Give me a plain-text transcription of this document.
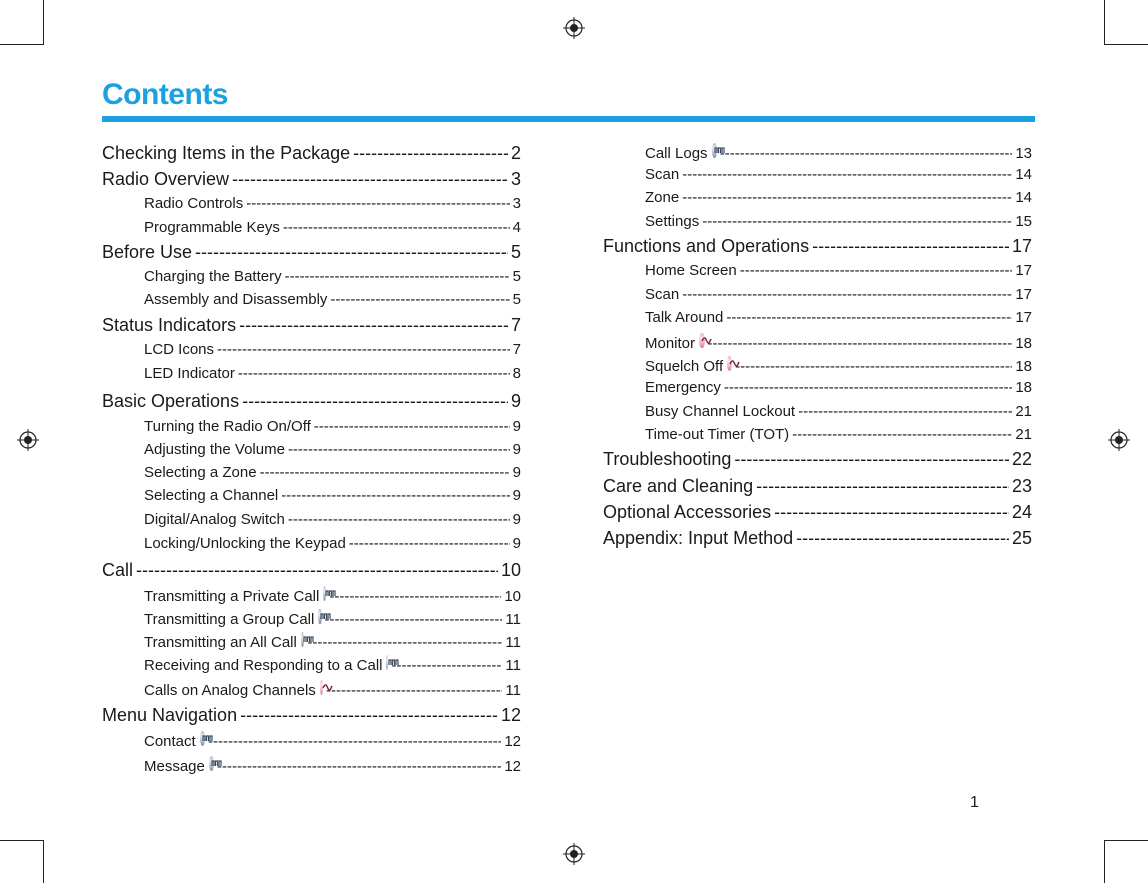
Contents
Checking Items in the Package -----	2
Radio Overview -----	3
Radio Controls -----	3
Programmable Keys -----	4
Before Use -----	5
Charging the Battery -----	5
Assembly and Disassembly -----	5
Status Indicators -----	7
LCD Icons -----	7
LED Indicator -----	8
Basic Operations -----	9
Turning the Radio On/Off -----	9
Adjusting the Volume -----	9
Selecting a Zone -----	9
Selecting a Channel -----	9
Digital/Analog Switch -----	9
Locking/Unlocking the Keypad -----	9
Call -----	10
Transmitting a Private Call -----	10
Transmitting a Group Call -----	11
Transmitting an All Call -----	11
Receiving and Responding to a Call -----	11
Calls on Analog Channels -----	11
Menu Navigation -----	12
Contact -----	12
Message -----	12
Call Logs -----	13
Scan -----	14
Zone -----	14
Settings -----	15
Functions and Operations -----	17
Home Screen -----	17
Scan -----	17
Talk Around -----	17
Monitor -----	18
Squelch Off -----	18
Emergency -----	18
Busy Channel Lockout -----	21
Time-out Timer (TOT) -----	21
Troubleshooting -----	22
Care and Cleaning -----	23
Optional Accessories -----	24
Appendix: Input Method -----	25
1
